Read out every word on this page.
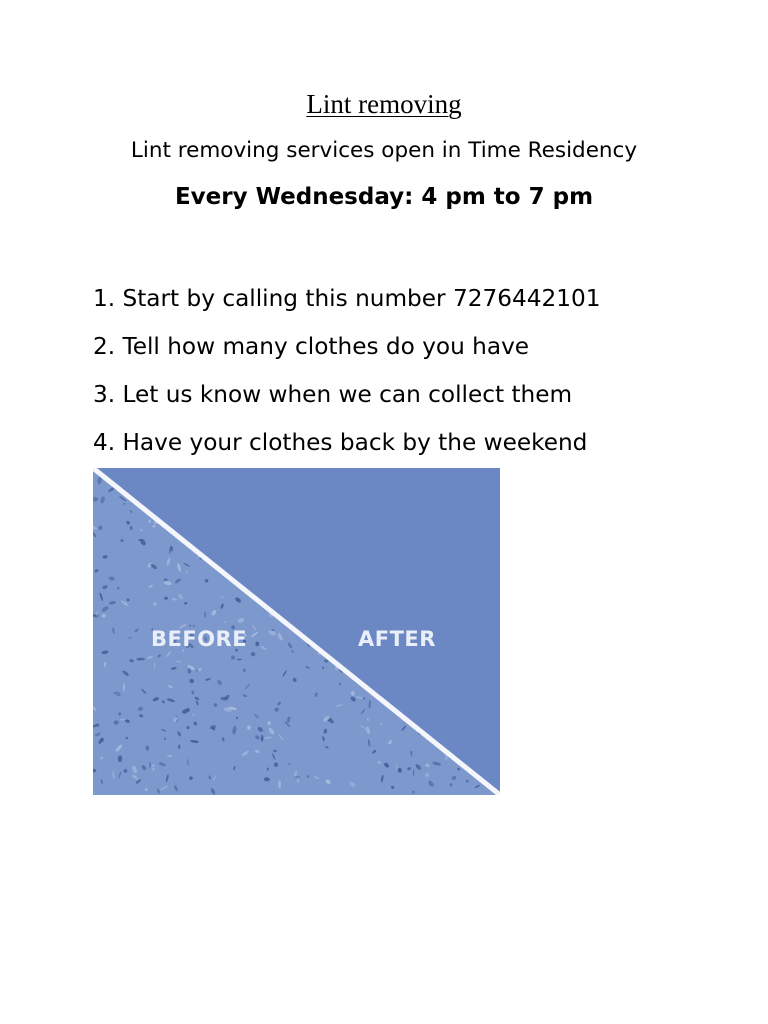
Lint removing
Lint removing services open in Time Residency
Every Wednesday: 4 pm to 7 pm
1. Start by calling this number 7276442101
2. Tell how many clothes do you have
3. Let us know when we can collect them
4. Have your clothes back by the weekend
BEFORE	AFTER
